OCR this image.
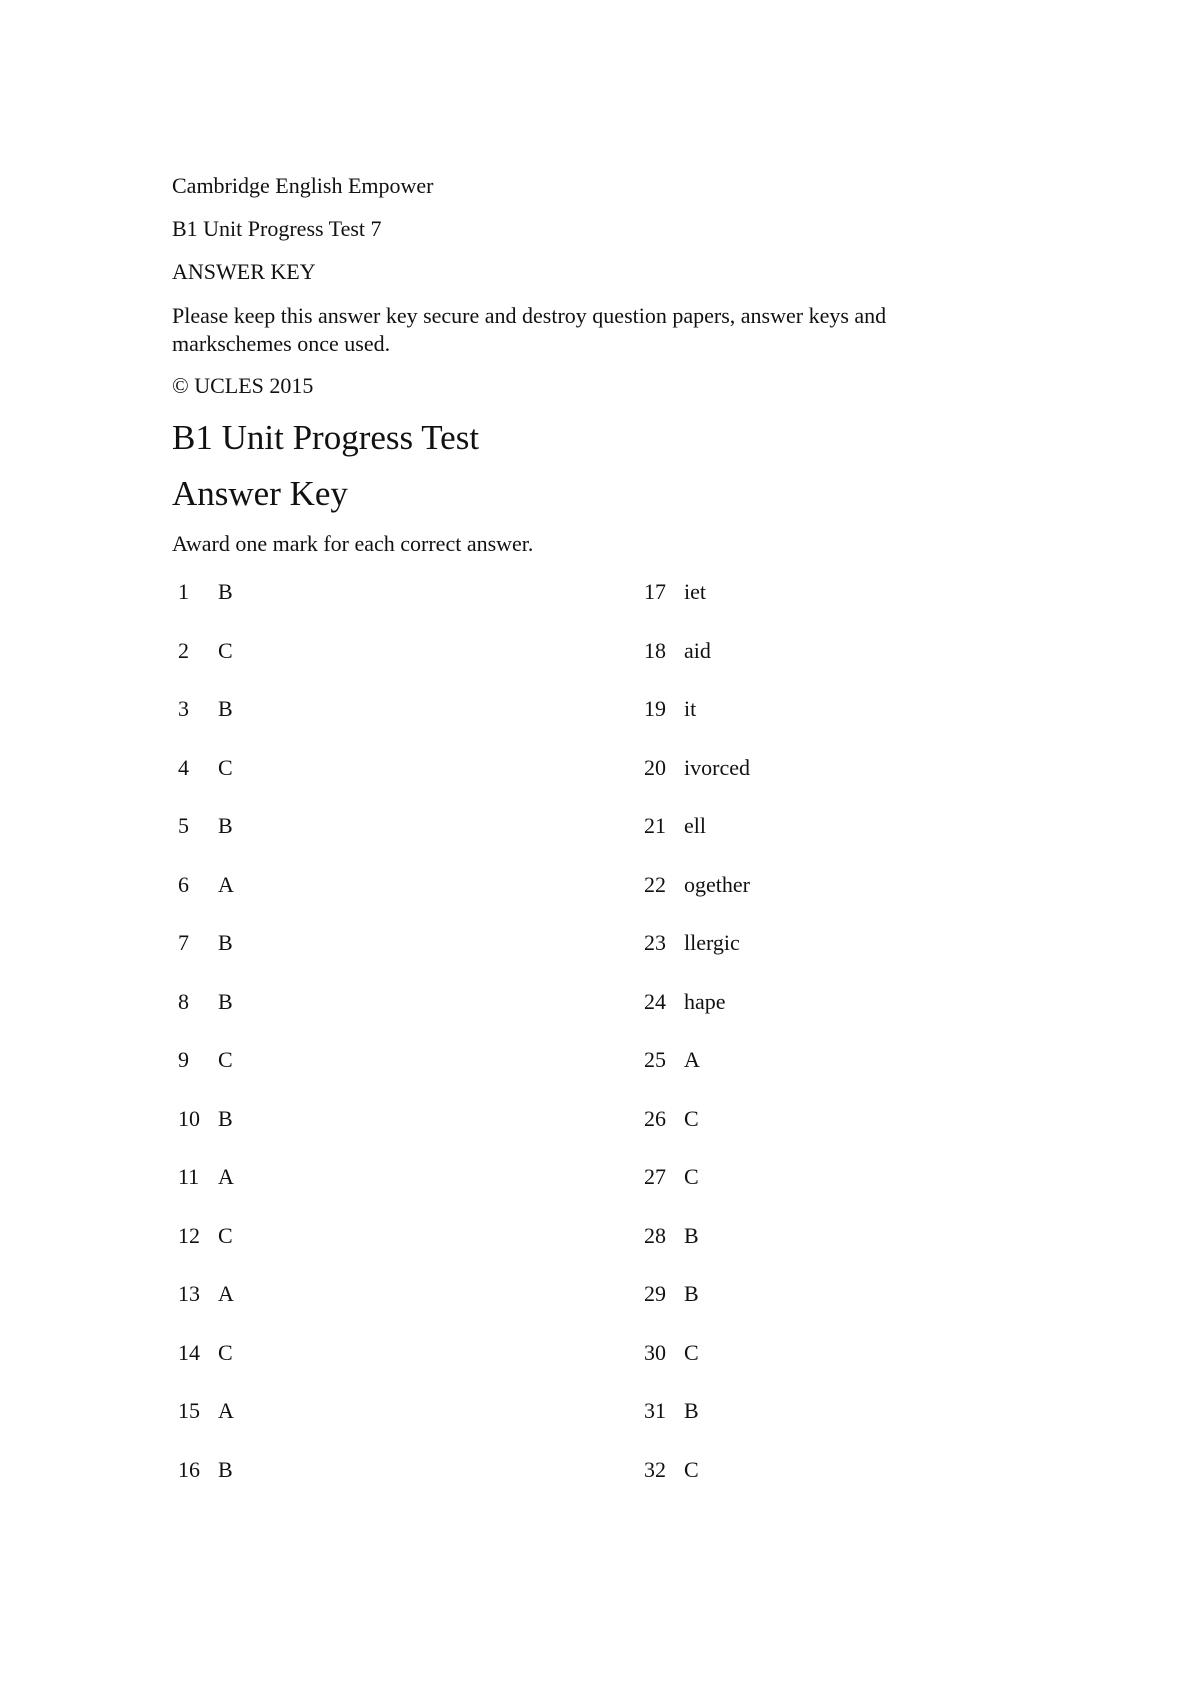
Cambridge English Empower
B1 Unit Progress Test 7
ANSWER KEY
Please keep this answer key secure and destroy question papers, answer keys and markschemes once used.
© UCLES 2015
B1 Unit Progress Test
Answer Key
Award one mark for each correct answer.
1	B	17 iet
2	C	18 aid
3	B	19 it
4	C	20 ivorced
5	B	21 ell
6	A	22 ogether
7	B	23 llergic
8	B	24 hape
9	C	25 A
10 B	26 C
11 A	27 C
12 C	28 B
13 A	29 B
14 C	30 C
15 A	31 B
16 B	32 C
